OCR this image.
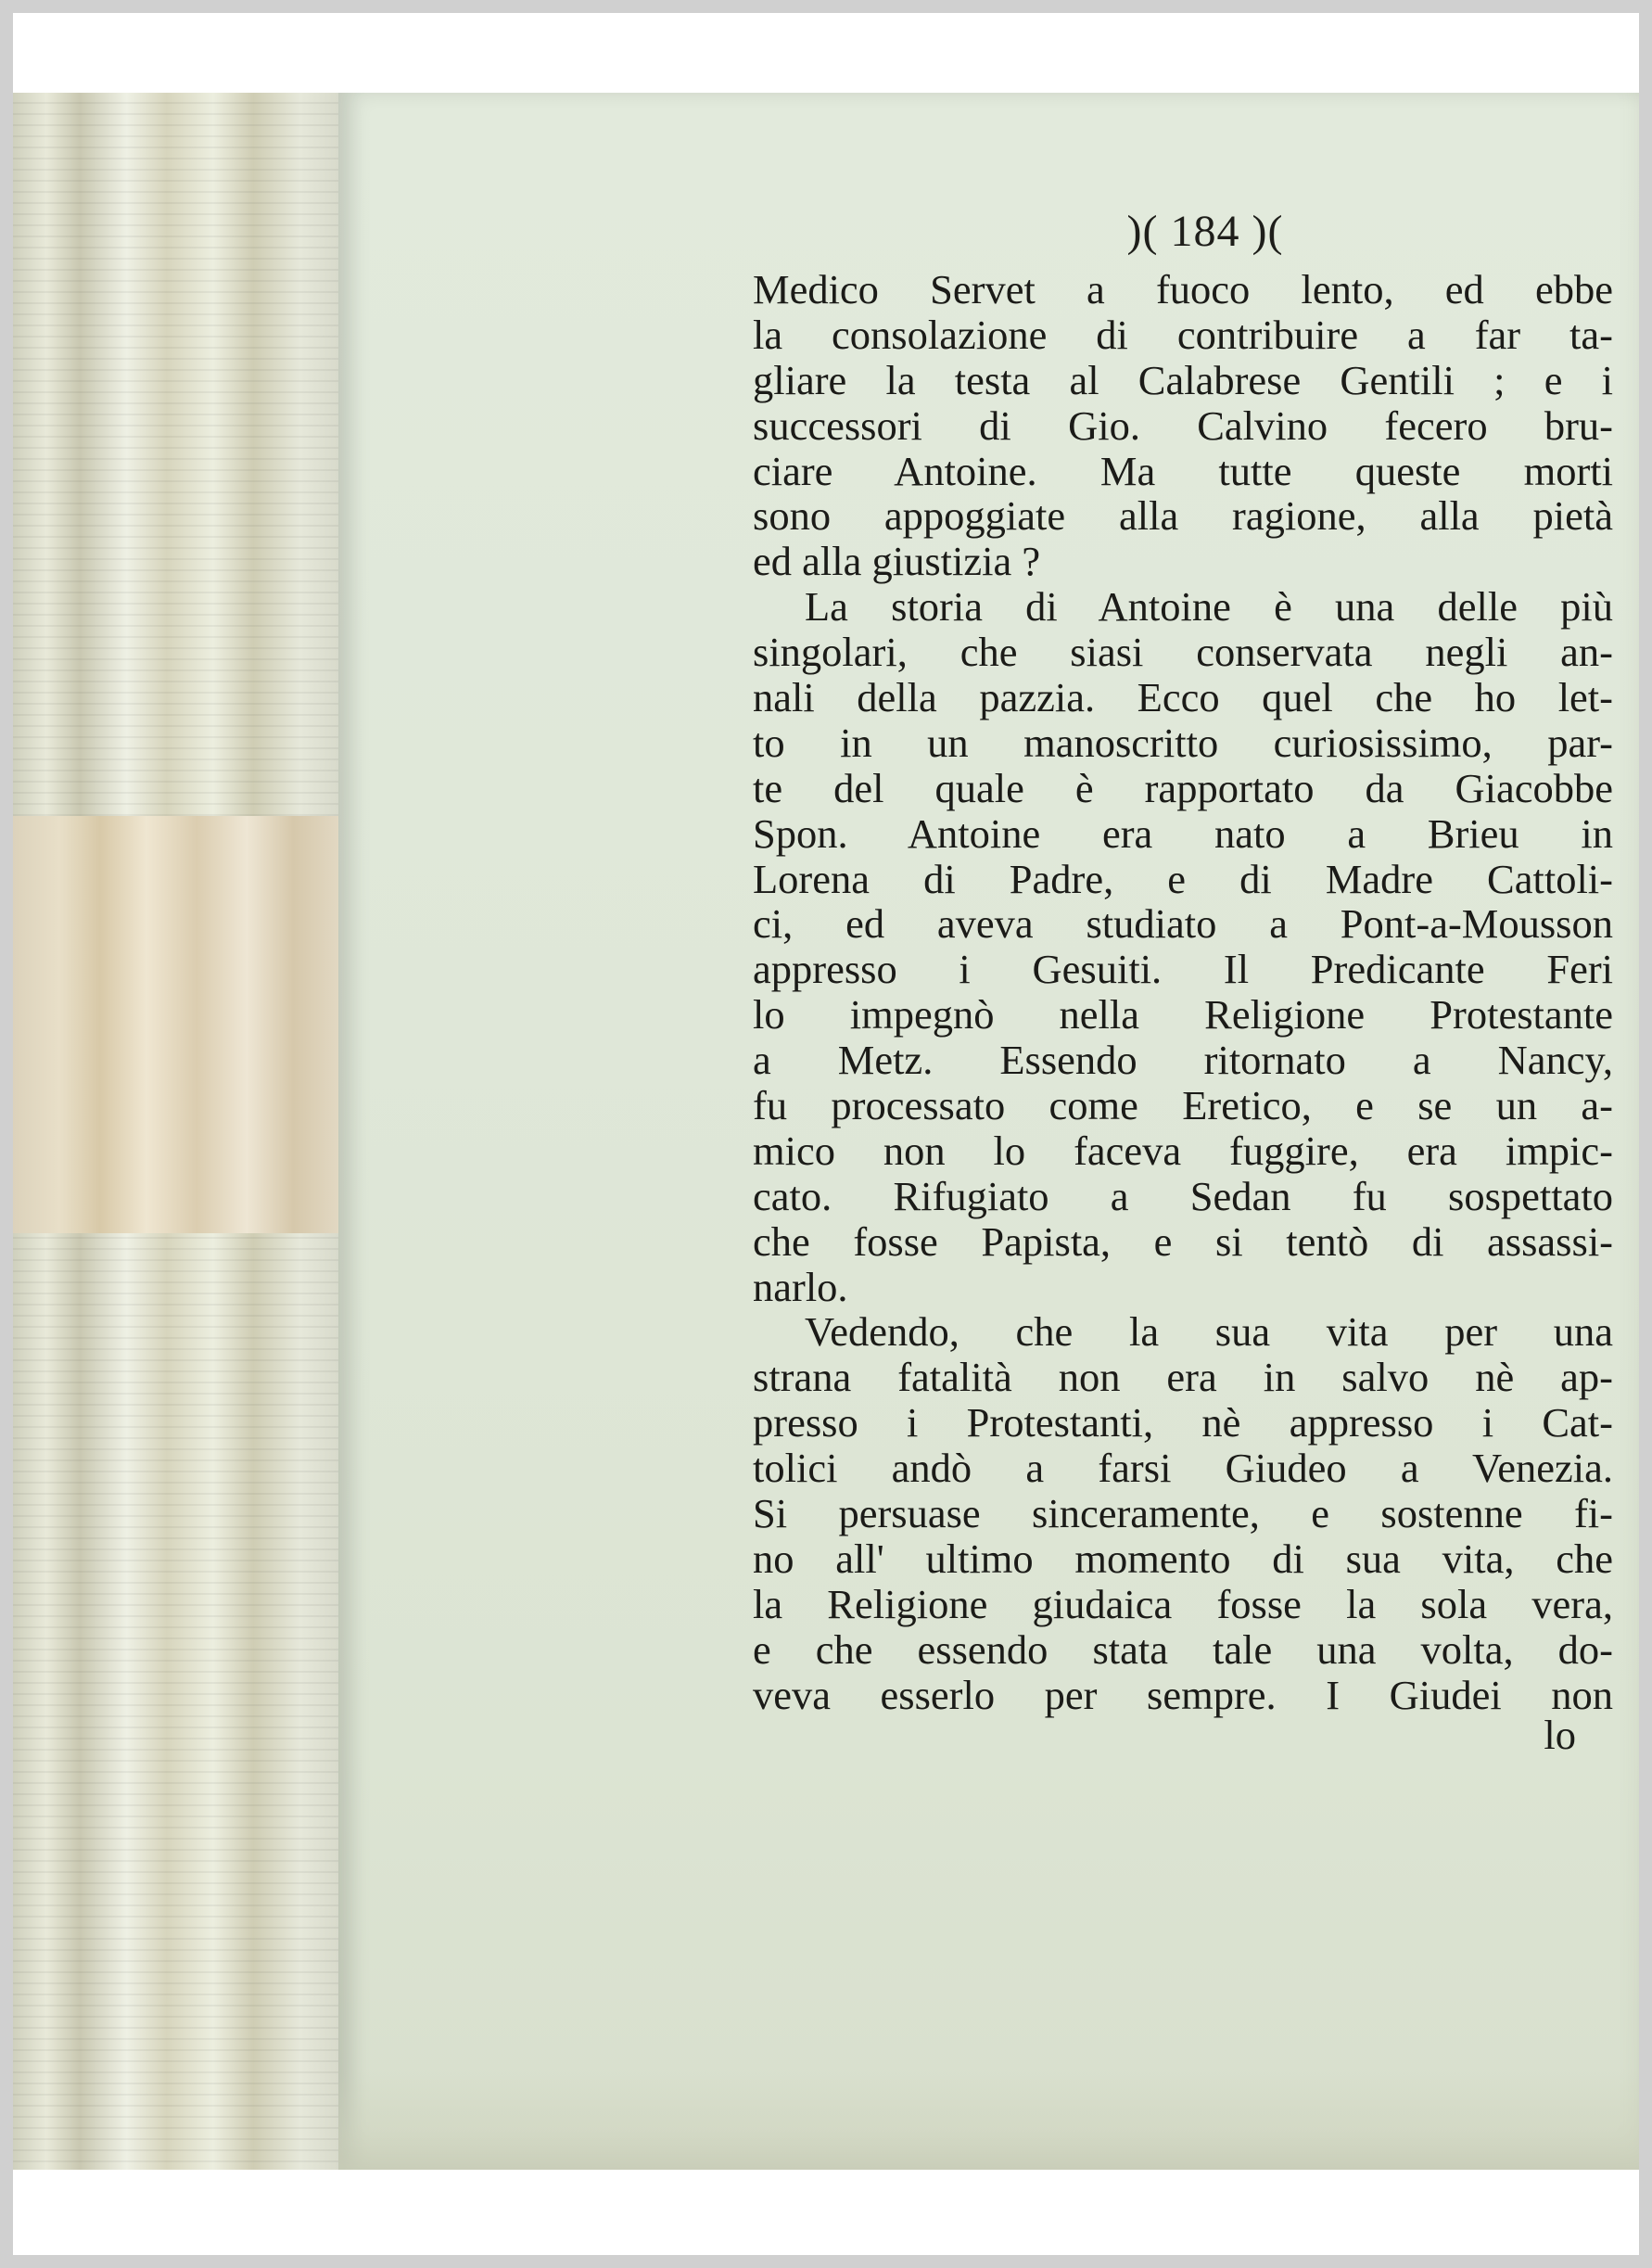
)( 184 )(
Medico Servet a fuoco lento, ed ebbe
la consolazione di contribuire a far ta-
gliare la testa al Calabrese Gentili ; e i
successori di Gio. Calvino fecero bru-
ciare Antoine. Ma tutte queste morti
sono appoggiate alla ragione, alla pietà
ed alla giustizia ?
La storia di Antoine è una delle più
singolari, che siasi conservata negli an-
nali della pazzia. Ecco quel che ho let-
to in un manoscritto curiosissimo, par-
te del quale è rapportato da Giacobbe
Spon. Antoine era nato a Brieu in
Lorena di Padre, e di Madre Cattoli-
ci, ed aveva studiato a Pont-a-Mousson
appresso i Gesuiti. Il Predicante Feri
lo impegnò nella Religione Protestante
a Metz. Essendo ritornato a Nancy,
fu processato come Eretico, e se un a-
mico non lo faceva fuggire, era impic-
cato. Rifugiato a Sedan fu sospettato
che fosse Papista, e si tentò di assassi-
narlo.
Vedendo, che la sua vita per una
strana fatalità non era in salvo nè ap-
presso i Protestanti, nè appresso i Cat-
tolici andò a farsi Giudeo a Venezia.
Si persuase sinceramente, e sostenne fi-
no all' ultimo momento di sua vita, che
la Religione giudaica fosse la sola vera,
e che essendo stata tale una volta, do-
veva esserlo per sempre. I Giudei non
lo
